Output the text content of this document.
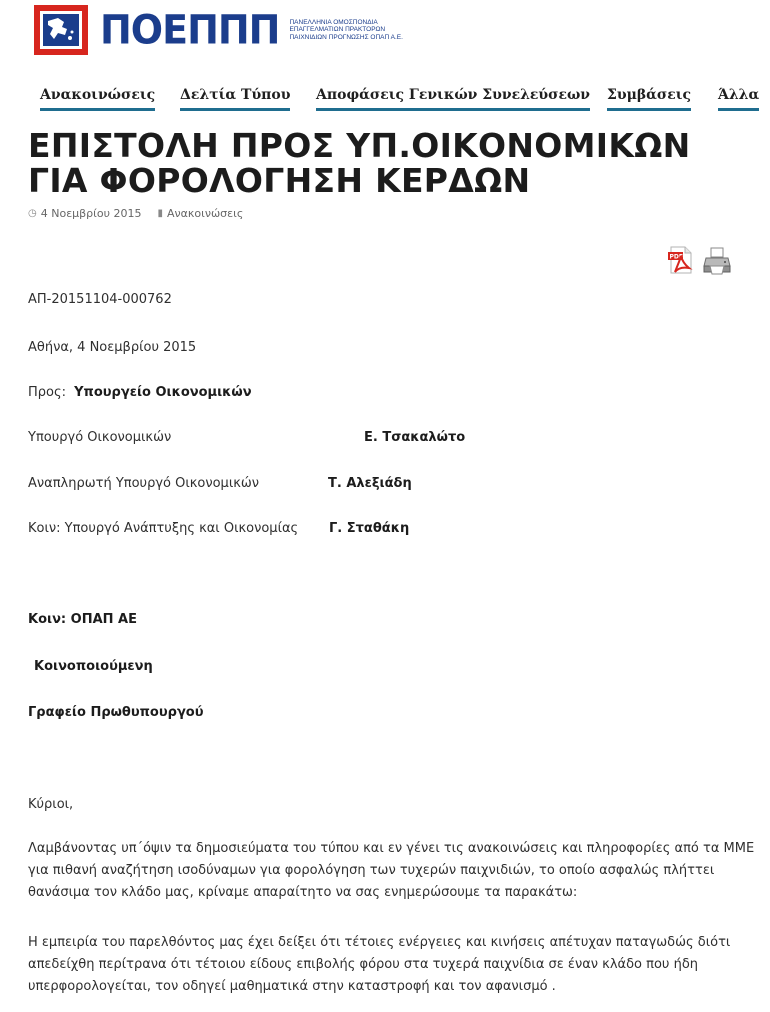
ΠΟΕΠΠΠ ΠΑΝΕΛΛΗΝΙΑ ΟΜΟΣΠΟΝΔΙΑ
ΕΠΑΓΓΕΛΜΑΤΙΩΝ ΠΡΑΚΤΟΡΩΝ
ΠΑΙΧΝΙΔΙΩΝ ΠΡΟΓΝΩΣΗΣ ΟΠΑΠ Α.Ε.
Ανακοινώσεις Δελτία Τύπου Αποφάσεις Γενικών Συνελεύσεων Συμβάσεις Άλλα
ΕΠΙΣΤΟΛΗ ΠΡΟΣ ΥΠ.ΟΙΚΟΝΟΜΙΚΩΝ ΓΙΑ ΦΟΡΟΛΟΓΗΣΗ ΚΕΡΔΩΝ
◷ 4 Νοεμβρίου 2015 ▮ Ανακοινώσεις
PDF
ΑΠ-20151104-000762
Αθήνα, 4 Νοεμβρίου 2015
Προς: Υπουργείο Οικονομικών
Υπουργό Οικονομικών	Ε. Τσακαλώτο
Αναπληρωτή Υπουργό Οικονομικών	Τ. Αλεξιάδη
Κοιν: Υπουργό Ανάπτυξης και Οικονομίας Γ. Σταθάκη
Κοιν: ΟΠΑΠ ΑΕ
Κοινοποιούμενη
Γραφείο Πρωθυπουργού
Κύριοι,

Λαμβάνοντας υπ΄όψιν τα δημοσιεύματα του τύπου και εν γένει τις ανακοινώσεις και πληροφορίες από τα ΜΜΕ για πιθανή αναζήτηση ισοδύναμων για φορολόγηση των τυχερών παιχνιδιών, το οποίο ασφαλώς πλήττει θανάσιμα τον κλάδο μας, κρίναμε απαραίτητο να σας ενημερώσουμε τα παρακάτω:

Η εμπειρία του παρελθόντος μας έχει δείξει ότι τέτοιες ενέργειες και κινήσεις απέτυχαν παταγωδώς διότι απεδείχθη περίτρανα ότι τέτοιου είδους επιβολής φόρου στα τυχερά παιχνίδια σε έναν κλάδο που ήδη υπερφορολογείται, τον οδηγεί μαθηματικά στην καταστροφή και τον αφανισμό .
